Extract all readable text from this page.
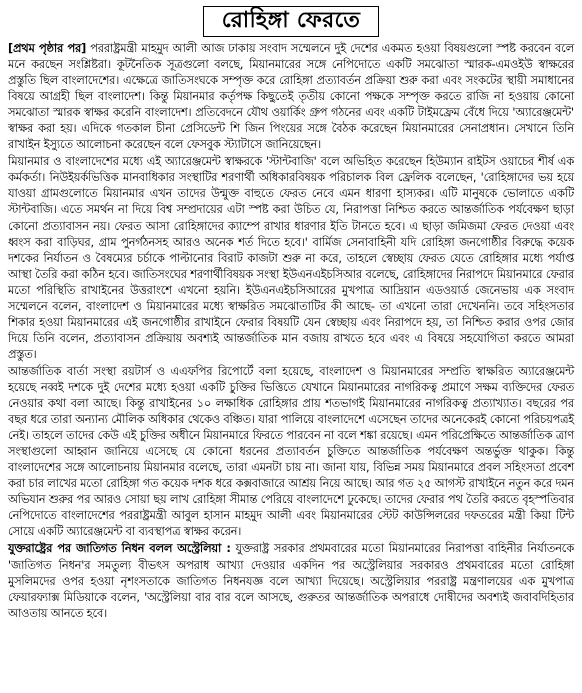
রোহিঙ্গা ফেরতে

[প্রথম পৃষ্ঠার পর] পররাষ্ট্রমন্ত্রী মাহমুদ আলী আজ ঢাকায় সংবাদ সম্মেলনে দুই দেশের একমত হওয়া বিষয়গুলো স্পষ্ট করবেন বলে মনে করছেন সংশ্লিষ্টরা। কূটনৈতিক সূত্রগুলো বলছে, মিয়ানমারের সঙ্গে নেপিদোতে একটি সমঝোতা স্মারক-এমওইউ স্বাক্ষরের প্রস্তুতি ছিল বাংলাদেশের। এক্ষেত্রে জাতিসংঘকে সম্পৃক্ত করে রোহিঙ্গা প্রত্যাবর্তন প্রক্রিয়া শুরু করা এবং সংকটের স্থায়ী সমাধানের বিষয়ে আগ্রহী ছিল বাংলাদেশ। কিন্তু মিয়ানমার কর্তৃপক্ষ কিছুতেই তৃতীয় কোনো পক্ষকে সম্পৃক্ত করতে রাজি না হওয়ায় কোনো সমঝোতা স্মারক স্বাক্ষর করেনি বাংলাদেশ। প্রতিবেদনে যৌথ ওয়ার্কিং গ্রুপ গঠনের এবং একটি টাইমফ্রেম বেঁধে দিয়ে 'অ্যারেঞ্জমেন্ট' স্বাক্ষর করা হয়। এদিকে গতকাল চীনা প্রেসিডেন্ট শি জিন পিংয়ের সঙ্গে বৈঠক করেছেন মিয়ানমারের সেনাপ্রধান। সেখানে তিনি রাখাইন ইস্যুতে আলোচনা করেছেন বলে ফেসবুক স্ট্যাটাসে জানিয়েছেন।

মিয়ানমার ও বাংলাদেশের মধ্যে এই অ্যারেঞ্জমেন্ট স্বাক্ষরকে 'স্টান্টবাজি' বলে অভিহিত করেছেন হিউম্যান রাইটস ওয়াচের শীর্ষ এক কর্মকর্তা। নিউইয়র্কভিত্তিক মানবাধিকার সংস্থাটির শরণার্থী অধিকারবিষয়ক পরিচালক বিল ফ্রেলিক বলেছেন, 'রোহিঙ্গাদের ভয় হয়ে যাওয়া গ্রামগুলোতে মিয়ানমার এখন তাদের উন্মুক্ত বাহুতে ফেরত নেবে এমন ধারণা হাস্যকর। এটি মানুষকে ভোলাতে একটি স্টান্টবাজি। এতে সমর্থন না দিয়ে বিশ্ব সম্প্রদায়ের এটা স্পষ্ট করা উচিত যে, নিরাপত্তা নিশ্চিত করতে আন্তর্জাতিক পর্যবেক্ষণ ছাড়া কোনো প্রত্যাবাসন নয়। ফেরত আসা রোহিঙ্গাদের ক্যাম্পে রাখার ধারণার ইতি টানতে হবে। এ ছাড়া জমিজমা ফেরত দেওয়া এবং ধ্বংস করা বাড়িঘর, গ্রাম পুনর্গঠনসহ আরও অনেক শর্ত দিতে হবে।' বার্মিজ সেনাবাহিনী যদি রোহিঙ্গা জনগোষ্ঠীর বিরুদ্ধে কয়েক দশকের নির্যাতন ও বৈষম্যের চর্চাকে পাল্টানোর বিরাট কাজটা শুরু না করে, তাহলে স্বেচ্ছায় ফেরত যেতে রোহিঙ্গার মধ্যে পর্যাপ্ত আস্থা তৈরি করা কঠিন হবে। জাতিসংঘের শরণার্থীবিষয়ক সংস্থা ইউএনএইচসিআর বলেছে, রোহিঙ্গাদের নিরাপদে মিয়ানমারে ফেরার মতো পরিস্থিতি রাখাইনের উত্তরাংশে এখনো হয়নি। ইউএনএইচসিআরের মুখপাত্র আদ্রিয়ান এডওয়ার্ড জেনেভায় এক সংবাদ সম্মেলনে বলেন, বাংলাদেশ ও মিয়ানমারের মধ্যে স্বাক্ষরিত সমঝোতাটির কী আছে- তা এখনো তারা দেখেননি। তবে সহিংসতার শিকার হওয়া মিয়ানমারের এই জনগোষ্ঠীর রাখাইনে ফেরার বিষয়টি যেন স্বেচ্ছায় এবং নিরাপদে হয়, তা নিশ্চিত করার ওপর জোর দিয়ে তিনি বলেন, প্রত্যাবাসন প্রক্রিয়ায় অবশ্যই আন্তর্জাতিক মান বজায় রাখতে হবে এবং এ বিষয়ে সহযোগিতা করতে আমরা প্রস্তুত।

আন্তর্জাতিক বার্তা সংস্থা রয়টার্স ও এএফপির রিপোর্টে বলা হয়েছে, বাংলাদেশ ও মিয়ানমারের সম্প্রতি স্বাক্ষরিত অ্যারেঞ্জমেন্ট হয়েছে নব্বই দশকে দুই দেশের মধ্যে হওয়া একটি চুক্তির ভিত্তিতে যেখানে মিয়ানমারের নাগরিকত্ব প্রমাণে সক্ষম ব্যক্তিদের ফেরত নেওয়ার কথা বলা আছে। কিন্তু রাখাইনের ১০ লক্ষাধিক রোহিঙ্গার প্রায় শতভাগই মিয়ানমারের নাগরিকত্ব প্রত্যাখ্যাত। বছরের পর বছর ধরে তারা অন্যান্য মৌলিক অধিকার থেকেও বঞ্চিত। যারা পালিয়ে বাংলাদেশে এসেছেন তাদের অনেকেরই কোনো পরিচয়পত্রই নেই। তাহলে তাদের কেউ এই চুক্তির অধীনে মিয়ানমারে ফিরতে পারবেন না বলে শঙ্কা রয়েছে। এমন পরিপ্রেক্ষিতে আন্তর্জাতিক ত্রাণ সংস্থাগুলো আহ্বান জানিয়ে এসেছে যে কোনো ধরনের প্রত্যাবর্তন চুক্তিতে আন্তর্জাতিক পর্যবেক্ষণ অন্তর্ভুক্ত থাকুক। কিন্তু বাংলাদেশের সঙ্গে আলোচনায় মিয়ানমার বলেছে, তারা এমনটা চায় না। জানা যায়, বিভিন্ন সময় মিয়ানমারে প্রবল সহিংসতা প্রবেশ করা চার লাখের মতো রোহিঙ্গা গত কয়েক দশক ধরে কক্সবাজারে আশ্রয় নিয়ে আছে। আর গত ২৫ আগস্ট রাখাইনে নতুন করে দমন অভিযান শুরুর পর আরও সোয়া ছয় লাখ রোহিঙ্গা সীমান্ত পেরিয়ে বাংলাদেশে ঢুকেছে। তাদের ফেরার পথ তৈরি করতে বৃহস্পতিবার নেপিদোতে বাংলাদেশের পররাষ্ট্রমন্ত্রী আবুল হাসান মাহমুদ আলী এবং মিয়ানমারের স্টেট কাউন্সিলরের দফতরের মন্ত্রী কিয়া টিন্ট সোয়ে একটি অ্যারেঞ্জমেন্ট বা ব্যবস্থাপত্র স্বাক্ষর করেন।

যুক্তরাষ্ট্রের পর জাতিগত নিধন বলল অস্ট্রেলিয়া : যুক্তরাষ্ট্র সরকার প্রথমবারের মতো মিয়ানমারের নিরাপত্তা বাহিনীর নির্যাতনকে 'জাতিগত নিধন'র সমতুল্য বীভৎস অপরাধ আখ্যা দেওয়ার একদিন পর অস্ট্রেলিয়ার সরকারও প্রথমবারের মতো রোহিঙ্গা মুসলিমদের ওপর হওয়া নৃশংসতাকে জাতিগত নিধনযজ্ঞ বলে আখ্যা দিয়েছে। অস্ট্রেলিয়ার পররাষ্ট্র মন্ত্রণালয়ের এক মুখপাত্র ফেয়ারফ্যাক্স মিডিয়াকে বলেন, 'অস্ট্রেলিয়া বার বার বলে আসছে, গুরুতর আন্তর্জাতিক অপরাধে দোষীদের অবশ্যই জবাবদিহিতার আওতায় আনতে হবে।
